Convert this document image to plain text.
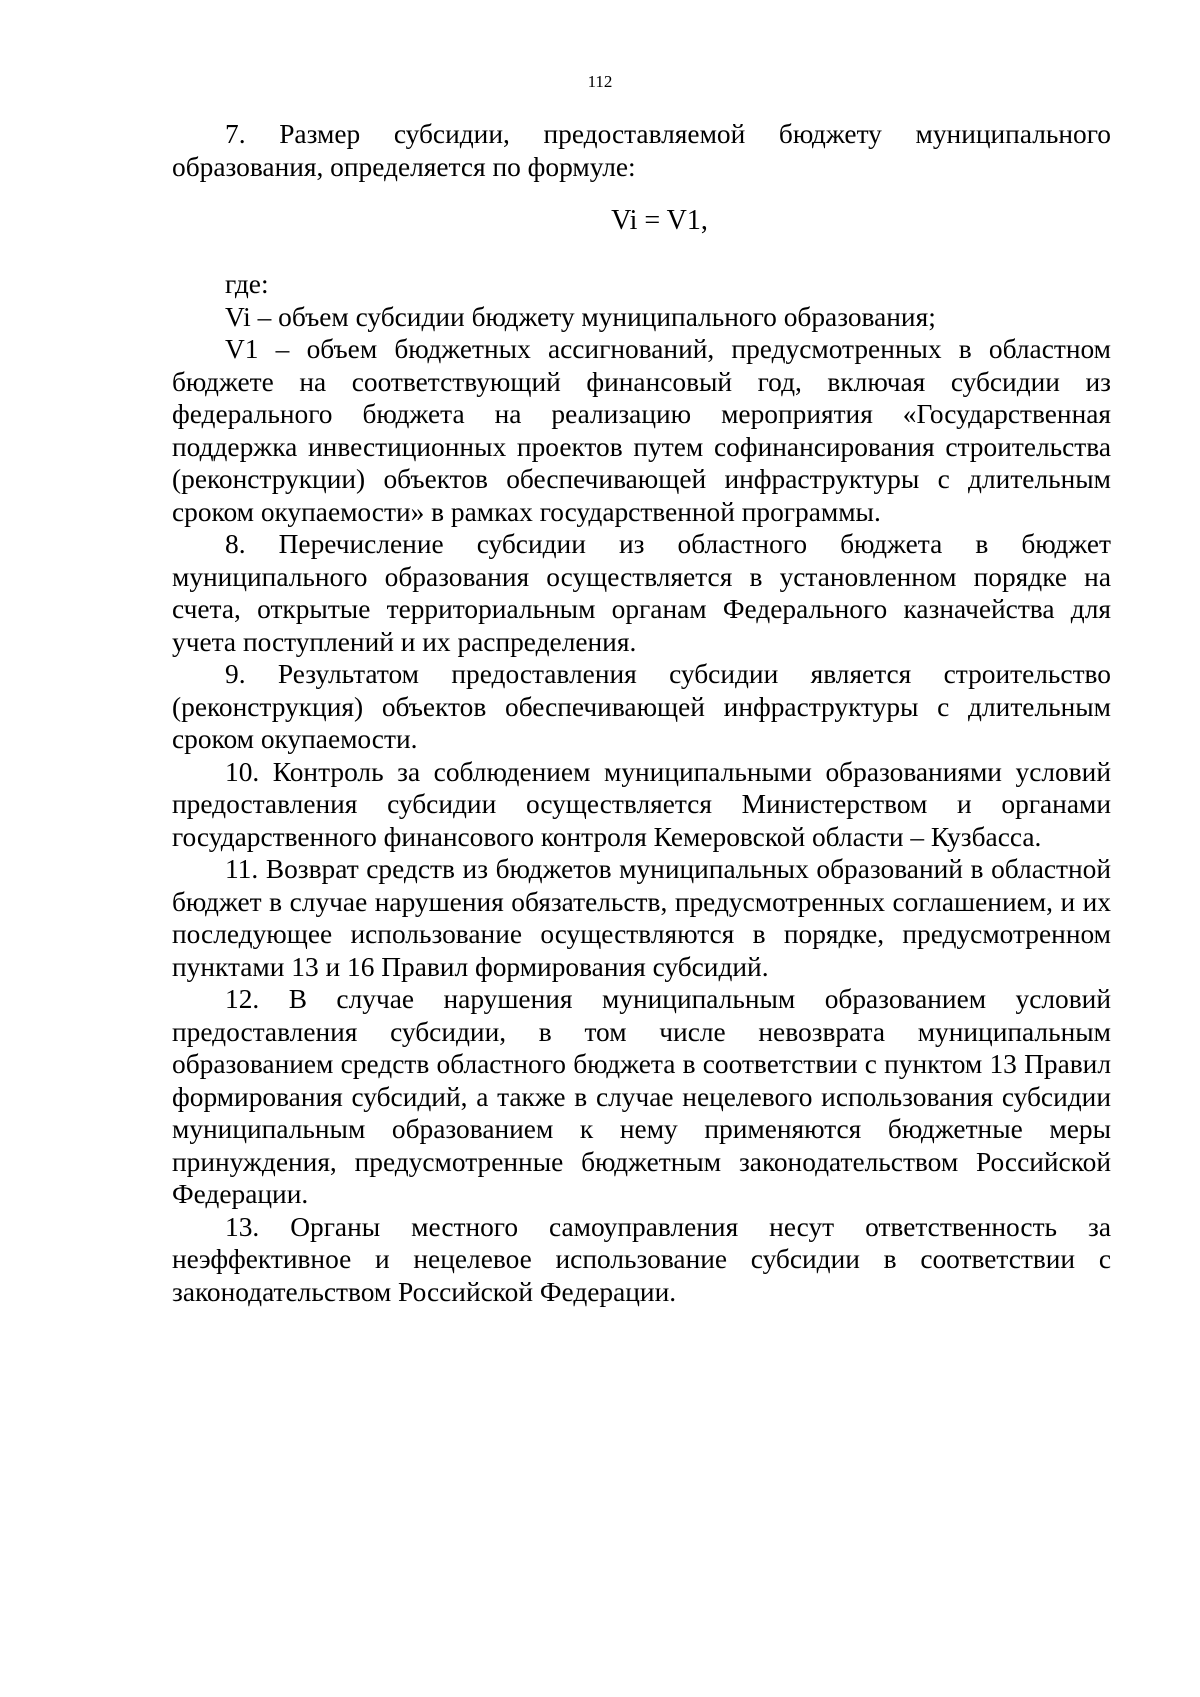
112

7. Размер субсидии, предоставляемой бюджету муниципального образования, определяется по формуле:

Vi = V1,

где:

Vi – объем субсидии бюджету муниципального образования;

V1 – объем бюджетных ассигнований, предусмотренных в областном бюджете на соответствующий финансовый год, включая субсидии из федерального бюджета на реализацию мероприятия «Государственная поддержка инвестиционных проектов путем софинансирования строительства (реконструкции) объектов обеспечивающей инфраструктуры с длительным сроком окупаемости» в рамках государственной программы.

8. Перечисление субсидии из областного бюджета в бюджет муниципального образования осуществляется в установленном порядке на счета, открытые территориальным органам Федерального казначейства для учета поступлений и их распределения.

9. Результатом предоставления субсидии является строительство (реконструкция) объектов обеспечивающей инфраструктуры с длительным сроком окупаемости.

10. Контроль за соблюдением муниципальными образованиями условий предоставления субсидии осуществляется Министерством и органами государственного финансового контроля Кемеровской области – Кузбасса.

11. Возврат средств из бюджетов муниципальных образований в областной бюджет в случае нарушения обязательств, предусмотренных соглашением, и их последующее использование осуществляются в порядке, предусмотренном пунктами 13 и 16 Правил формирования субсидий.

12. В случае нарушения муниципальным образованием условий предоставления субсидии, в том числе невозврата муниципальным образованием средств областного бюджета в соответствии с пунктом 13 Правил формирования субсидий, а также в случае нецелевого использования субсидии муниципальным образованием к нему применяются бюджетные меры принуждения, предусмотренные бюджетным законодательством Российской Федерации.

13. Органы местного самоуправления несут ответственность за неэффективное и нецелевое использование субсидии в соответствии с законодательством Российской Федерации.
